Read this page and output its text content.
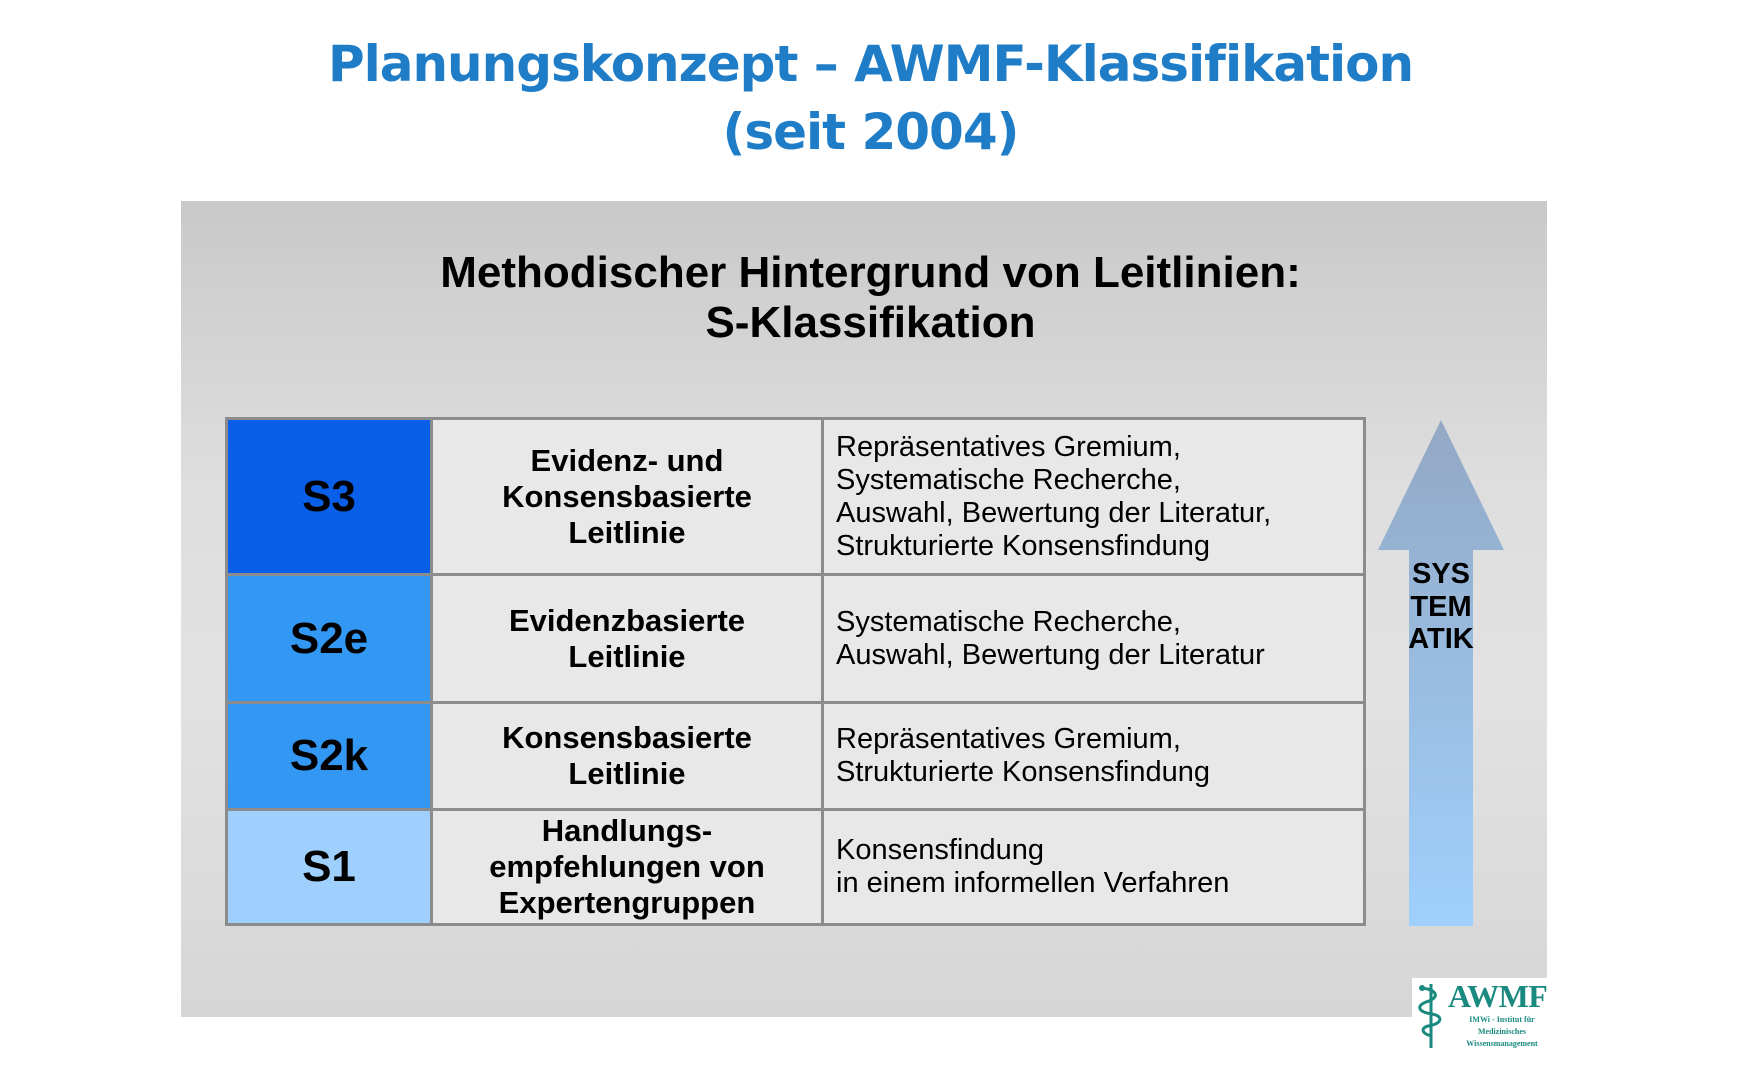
Planungskonzept – AWMF-Klassifikation
(seit 2004)
Methodischer Hintergrund von Leitlinien:
S-Klassifikation
S3
Evidenz- und
Konsensbasierte
Leitlinie
Repräsentatives Gremium,
Systematische Recherche,
Auswahl, Bewertung der Literatur,
Strukturierte Konsensfindung
S2e	Evidenzbasierte
Leitlinie
Systematische Recherche,
Auswahl, Bewertung der Literatur
S2k	Konsensbasierte
Leitlinie
Repräsentatives Gremium,
Strukturierte Konsensfindung
S1
Handlungs-
empfehlungen von
Expertengruppen
Konsensfindung
in einem informellen Verfahren
SYSTEMATIK
AWMF
IMWi - Institut für Medizinisches Wissensmanagement
